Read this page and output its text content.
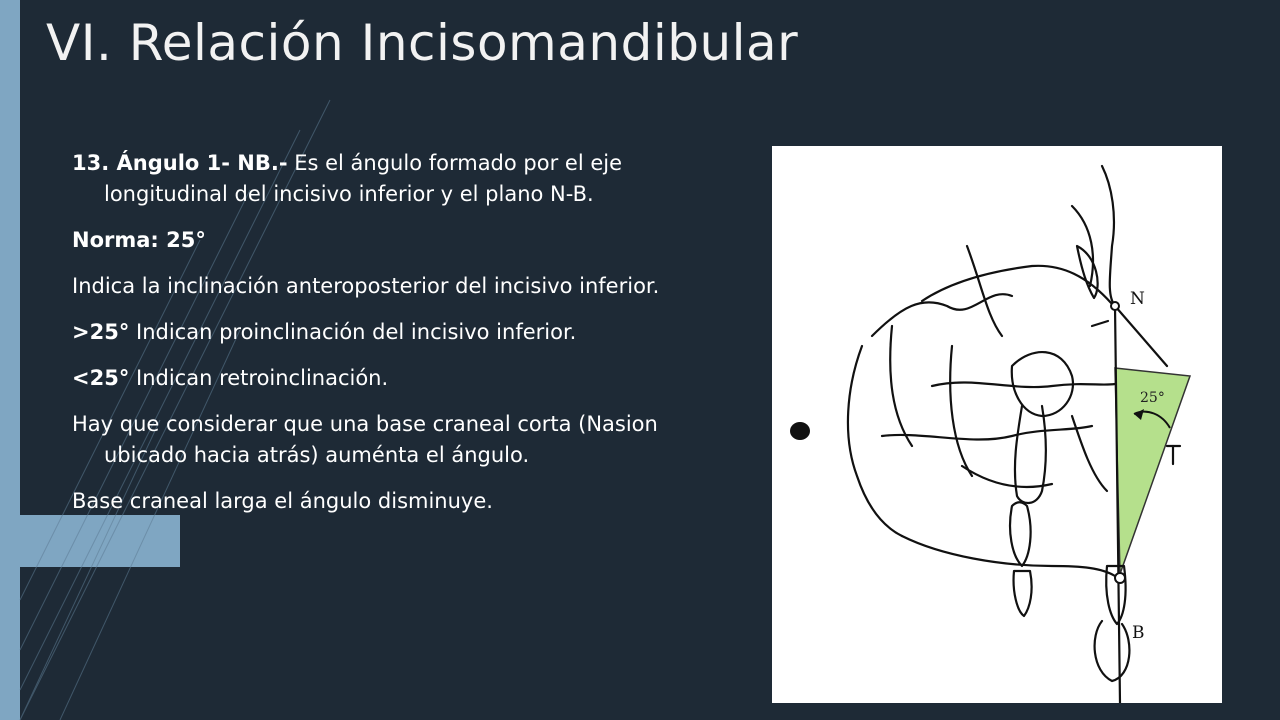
VI. Relación Incisomandibular

13. Ángulo 1- NB.- Es el ángulo formado por el eje longitudinal del incisivo inferior y el plano N-B.

Norma: 25°

Indica la inclinación anteroposterior del incisivo inferior.

>25° Indican proinclinación del incisivo inferior.

<25° Indican retroinclinación.

Hay que considerar que una base craneal corta (Nasion ubicado hacia atrás) auménta el ángulo.

Base craneal larga el ángulo disminuye.

N
B
25°
